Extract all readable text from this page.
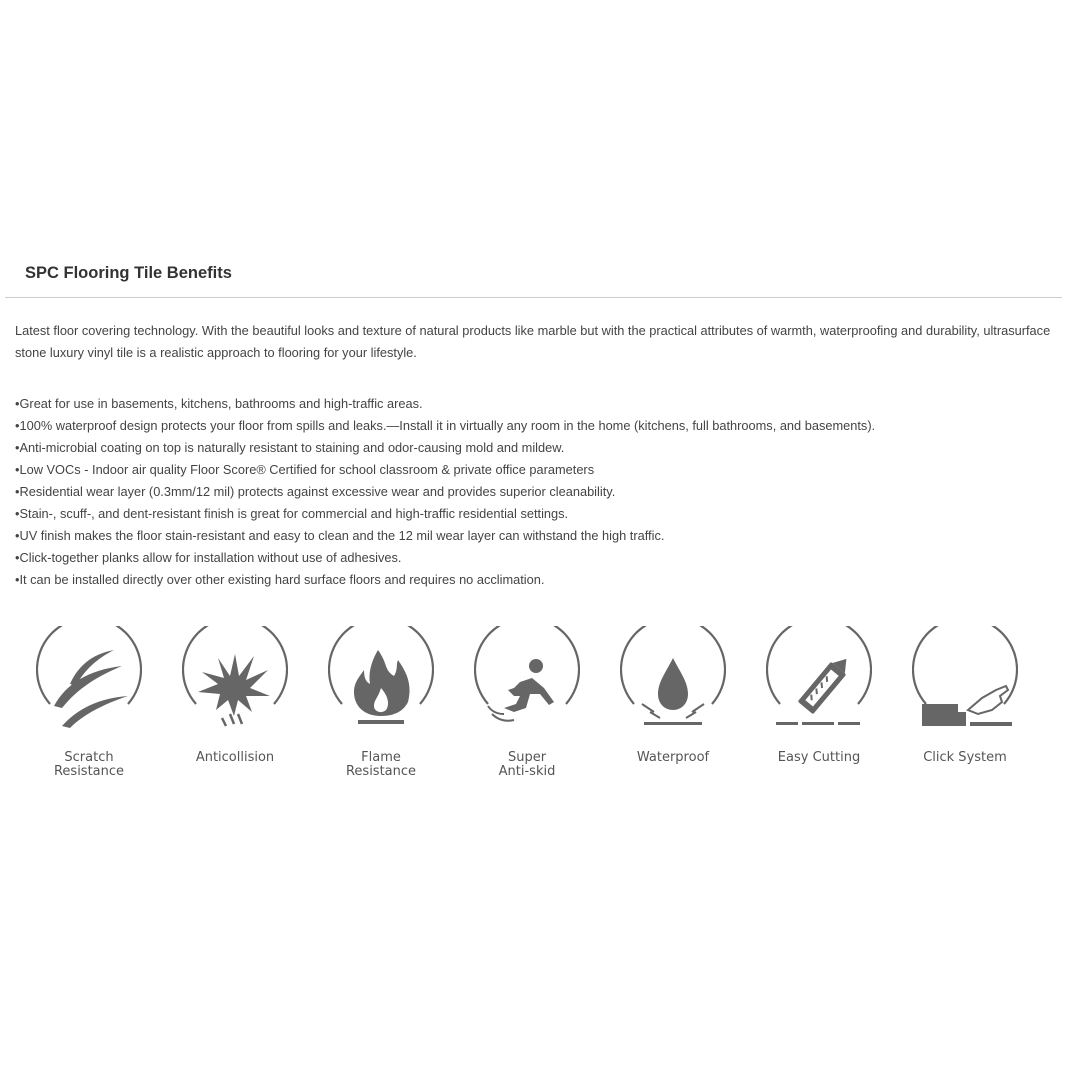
SPC Flooring Tile Benefits

Latest floor covering technology. With the beautiful looks and texture of natural products like marble but with the practical attributes of warmth, waterproofing and durability, ultrasurface stone luxury vinyl tile is a realistic approach to flooring for your lifestyle.

•Great for use in basements, kitchens, bathrooms and high-traffic areas.
•100% waterproof design protects your floor from spills and leaks.—Install it in virtually any room in the home (kitchens, full bathrooms, and basements).
•Anti-microbial coating on top is naturally resistant to staining and odor-causing mold and mildew.
•Low VOCs - Indoor air quality Floor Score® Certified for school classroom & private office parameters
•Residential wear layer (0.3mm/12 mil) protects against excessive wear and provides superior cleanability.
•Stain-, scuff-, and dent-resistant finish is great for commercial and high-traffic residential settings.
•UV finish makes the floor stain-resistant and easy to clean and the 12 mil wear layer can withstand the high traffic.
•Click-together planks allow for installation without use of adhesives.
•It can be installed directly over other existing hard surface floors and requires no acclimation.
Scratch
Resistance
Anticollision	Flame
Resistance
Super
Anti-skid
Waterproof	Easy Cutting	Click System
